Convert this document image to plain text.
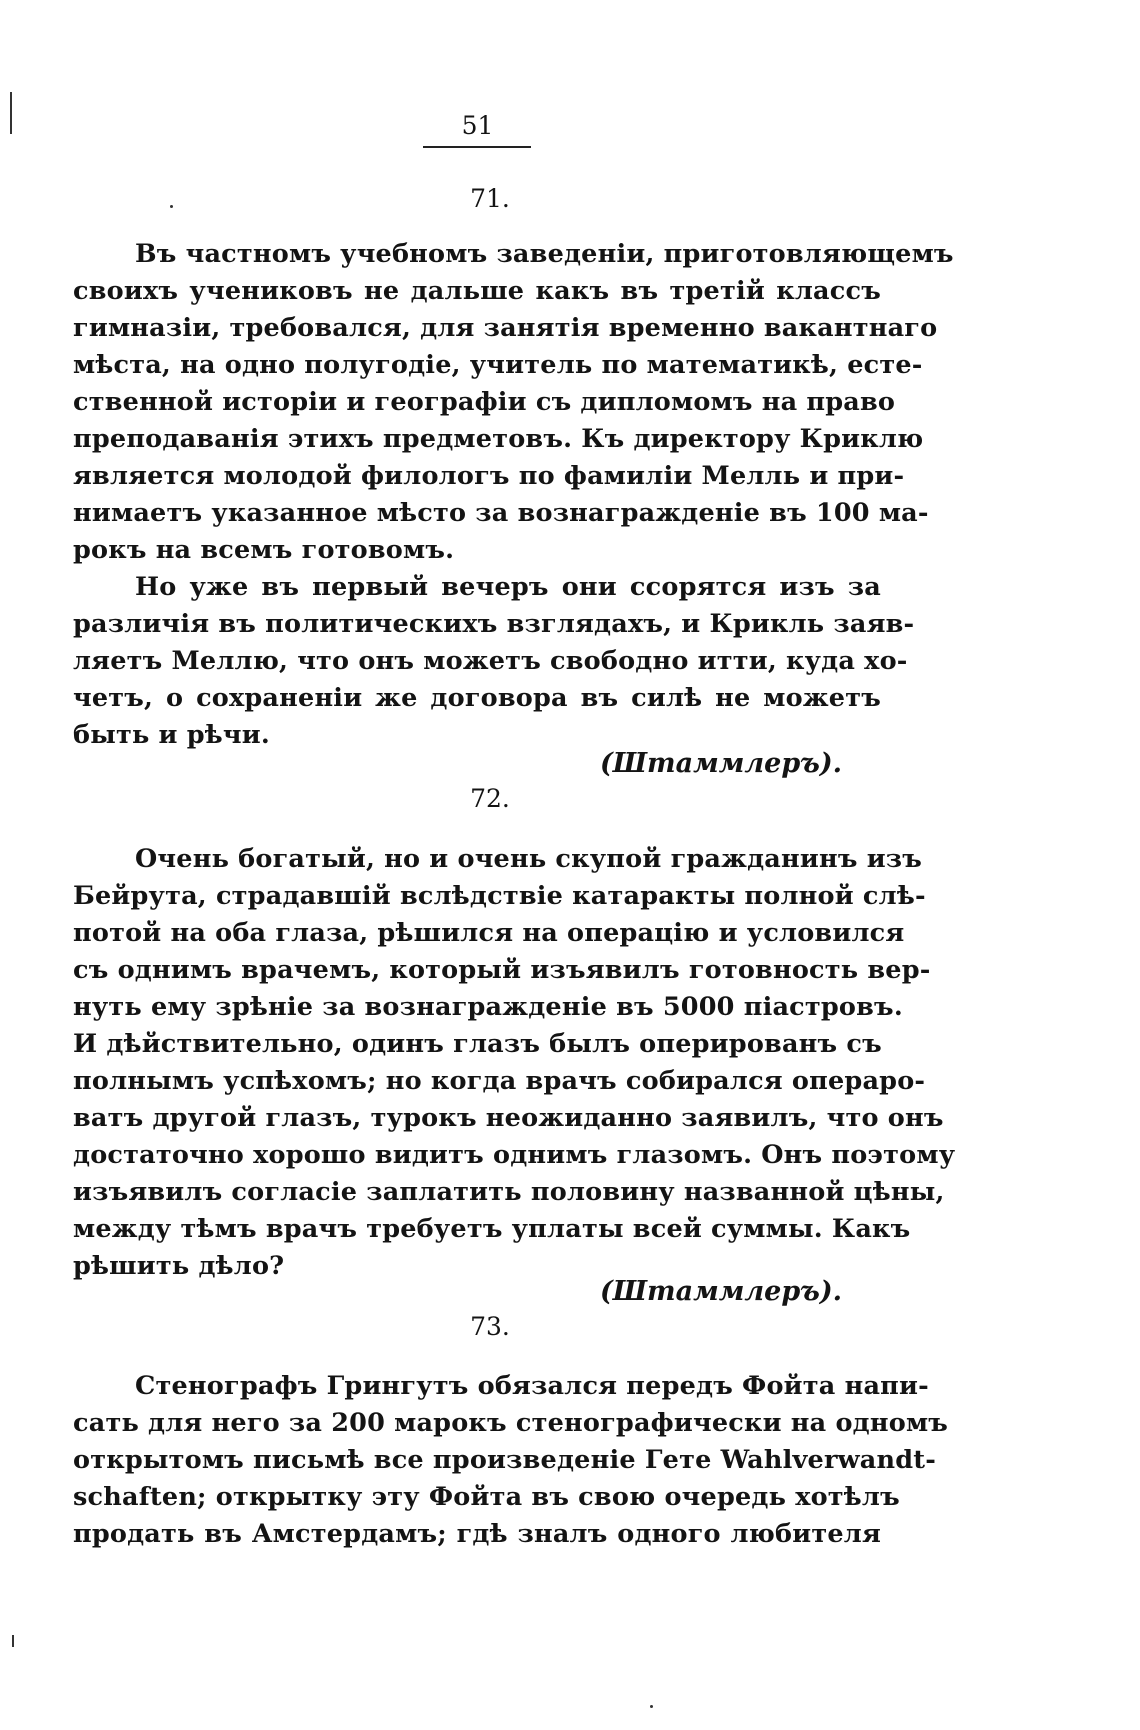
51
71.
Въ частномъ учебномъ заведенiи, приготовляющемъ
своихъ учениковъ не дальше какъ въ третiй классъ
гимназiи, требовался, для занятiя временно вакантнаго
мѣста, на одно полугодiе, учитель по математикѣ, есте-
ственной исторiи и географiи съ дипломомъ на право
преподаванiя этихъ предметовъ. Къ директору Криклю
является молодой филологъ по фамилiи Мелль и при-
нимаетъ указанное мѣсто за вознагражденiе въ 100 ма-
рокъ на всемъ готовомъ.
Но уже въ первый вечеръ они ссорятся изъ за
различiя въ политическихъ взглядахъ, и Крикль заяв-
ляетъ Меллю, что онъ можетъ свободно итти, куда хо-
четъ, о сохраненiи же договора въ силѣ не можетъ
быть и рѣчи.
(Штаммлеръ).
72.
Очень богатый, но и очень скупой гражданинъ изъ
Бейрута, страдавшiй вслѣдствiе катаракты полной слѣ-
потой на оба глаза, рѣшился на операцiю и условился
съ однимъ врачемъ, который изъявилъ готовность вер-
нуть ему зрѣнiе за вознагражденiе въ 5000 пiастровъ.
И дѣйствительно, одинъ глазъ былъ оперированъ съ
полнымъ успѣхомъ; но когда врачъ собирался операро-
ватъ другой глазъ, турокъ неожиданно заявилъ, что онъ
достаточно хорошо видитъ однимъ глазомъ. Онъ поэтому
изъявилъ согласiе заплатить половину названной цѣны,
между тѣмъ врачъ требуетъ уплаты всей суммы. Какъ
рѣшить дѣло?
(Штаммлеръ).
73.
Стенографъ Грингутъ обязался передъ Фойта напи-
сать для него за 200 марокъ стенографически на одномъ
открытомъ письмѣ все произведенiе Гете Wahlverwandt-
schaften; открытку эту Фойта въ свою очередь хотѣлъ
продать въ Амстердамъ; гдѣ зналъ одного любителя
